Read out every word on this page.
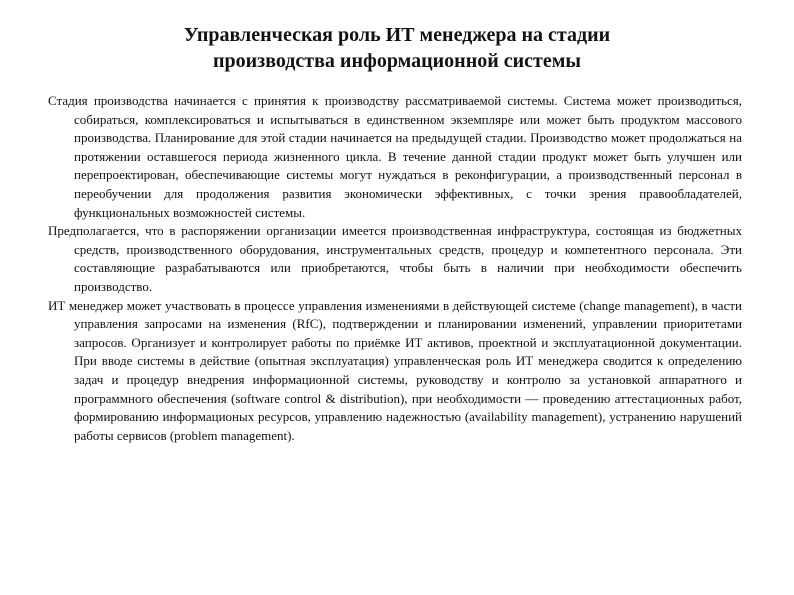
Управленческая роль ИТ менеджера на стадии
производства информационной системы

Стадия производства начинается с принятия к производству рассматриваемой системы. Система может производиться, собираться, комплексироваться и испытываться в единственном экземпляре или может быть продуктом массового производства. Планирование для этой стадии начинается на предыдущей стадии. Производство может продолжаться на протяжении оставшегося периода жизненного цикла. В течение данной стадии продукт может быть улучшен или перепроектирован, обеспечивающие системы могут нуждаться в реконфигурации, а производственный персонал в переобучении для продолжения развития экономически эффективных, с точки зрения правообладателей, функциональных возможностей системы.

Предполагается, что в распоряжении организации имеется производственная инфраструктура, состоящая из бюджетных средств, производственного оборудования, инструментальных средств, процедур и компетентного персонала. Эти составляющие разрабатываются или приобретаются, чтобы быть в наличии при необходимости обеспечить производство.

ИТ менеджер может участвовать в процессе управления изменениями в действующей системе (change management), в части управления запросами на изменения (RfC), подтверждении и планировании изменений, управлении приоритетами запросов. Организует и контролирует работы по приёмке ИТ активов, проектной и эксплуатационной документации. При вводе системы в действие (опытная эксплуатация) управленческая роль ИТ менеджера сводится к определению задач и процедур внедрения информационной системы, руководству и контролю за установкой аппаратного и программного обеспечения (software control & distribution), при необходимости — проведению аттестационных работ, формированию информационых ресурсов, управлению надежностью (availability management), устранению нарушений работы сервисов (problem management).
